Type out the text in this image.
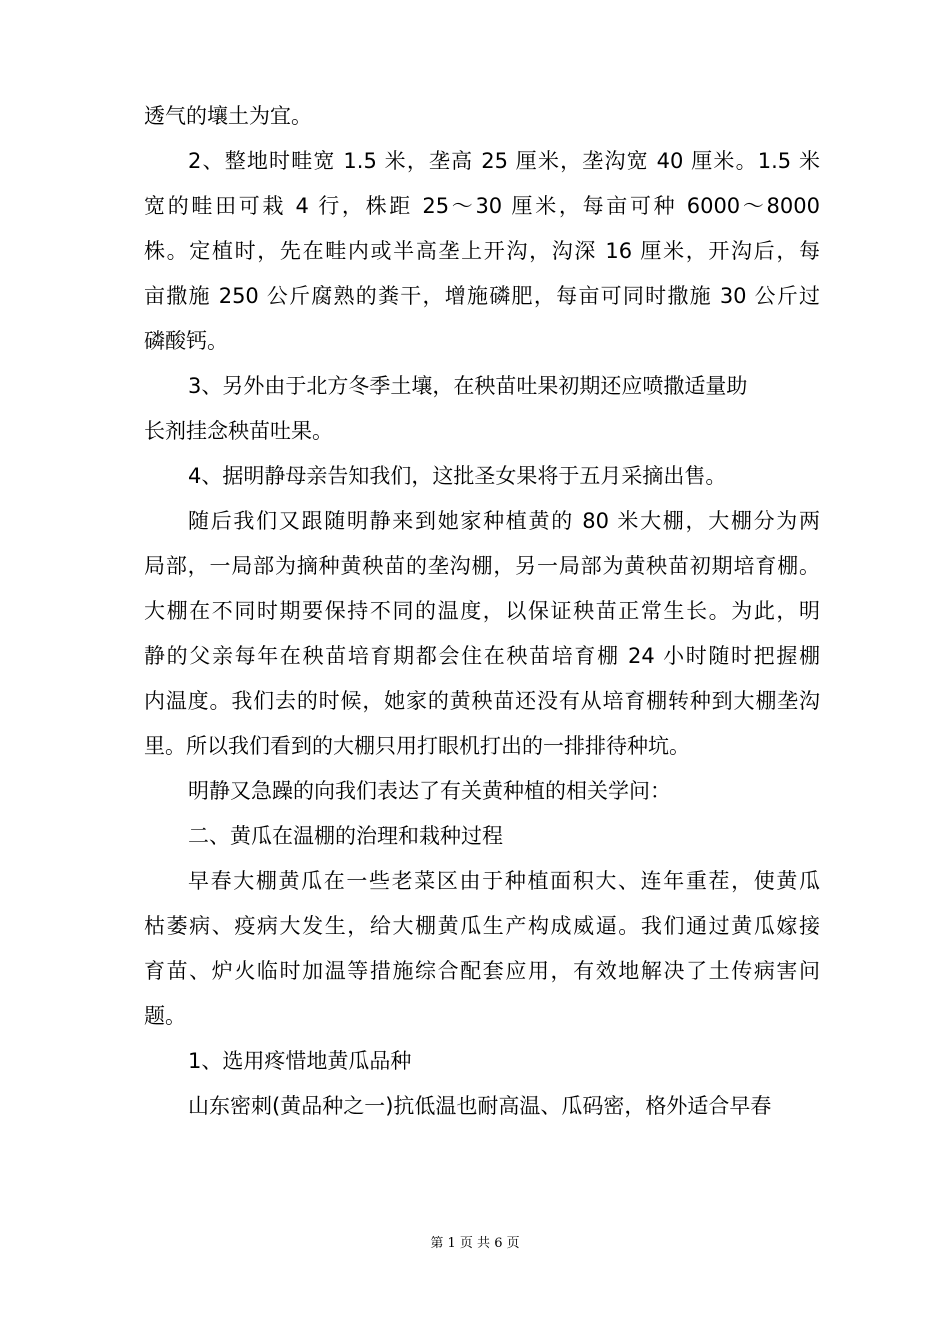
透气的壤土为宜。
2、整地时畦宽 1.5 米，垄高 25 厘米，垄沟宽 40 厘米。1.5 米
宽的畦田可栽 4 行，株距 25～30 厘米，每亩可种 6000～8000
株。定植时，先在畦内或半高垄上开沟，沟深 16 厘米，开沟后，每
亩撒施 250 公斤腐熟的粪干，增施磷肥，每亩可同时撒施 30 公斤过
磷酸钙。
3、另外由于北方冬季土壤，在秧苗吐果初期还应喷撒适量助
长剂挂念秧苗吐果。
4、据明静母亲告知我们，这批圣女果将于五月采摘出售。
随后我们又跟随明静来到她家种植黄的 80 米大棚，大棚分为两
局部，一局部为摘种黄秧苗的垄沟棚，另一局部为黄秧苗初期培育棚。
大棚在不同时期要保持不同的温度，以保证秧苗正常生长。为此，明
静的父亲每年在秧苗培育期都会住在秧苗培育棚 24 小时随时把握棚
内温度。我们去的时候，她家的黄秧苗还没有从培育棚转种到大棚垄沟
里。所以我们看到的大棚只用打眼机打出的一排排待种坑。
明静又急躁的向我们表达了有关黄种植的相关学问：
二、黄瓜在温棚的治理和栽种过程
早春大棚黄瓜在一些老菜区由于种植面积大、连年重茬，使黄瓜
枯萎病、疫病大发生，给大棚黄瓜生产构成威逼。我们通过黄瓜嫁接
育苗、炉火临时加温等措施综合配套应用，有效地解决了土传病害问
题。
1、选用疼惜地黄瓜品种
山东密刺(黄品种之一)抗低温也耐高温、瓜码密，格外适合早春
第 1 页 共 6 页
